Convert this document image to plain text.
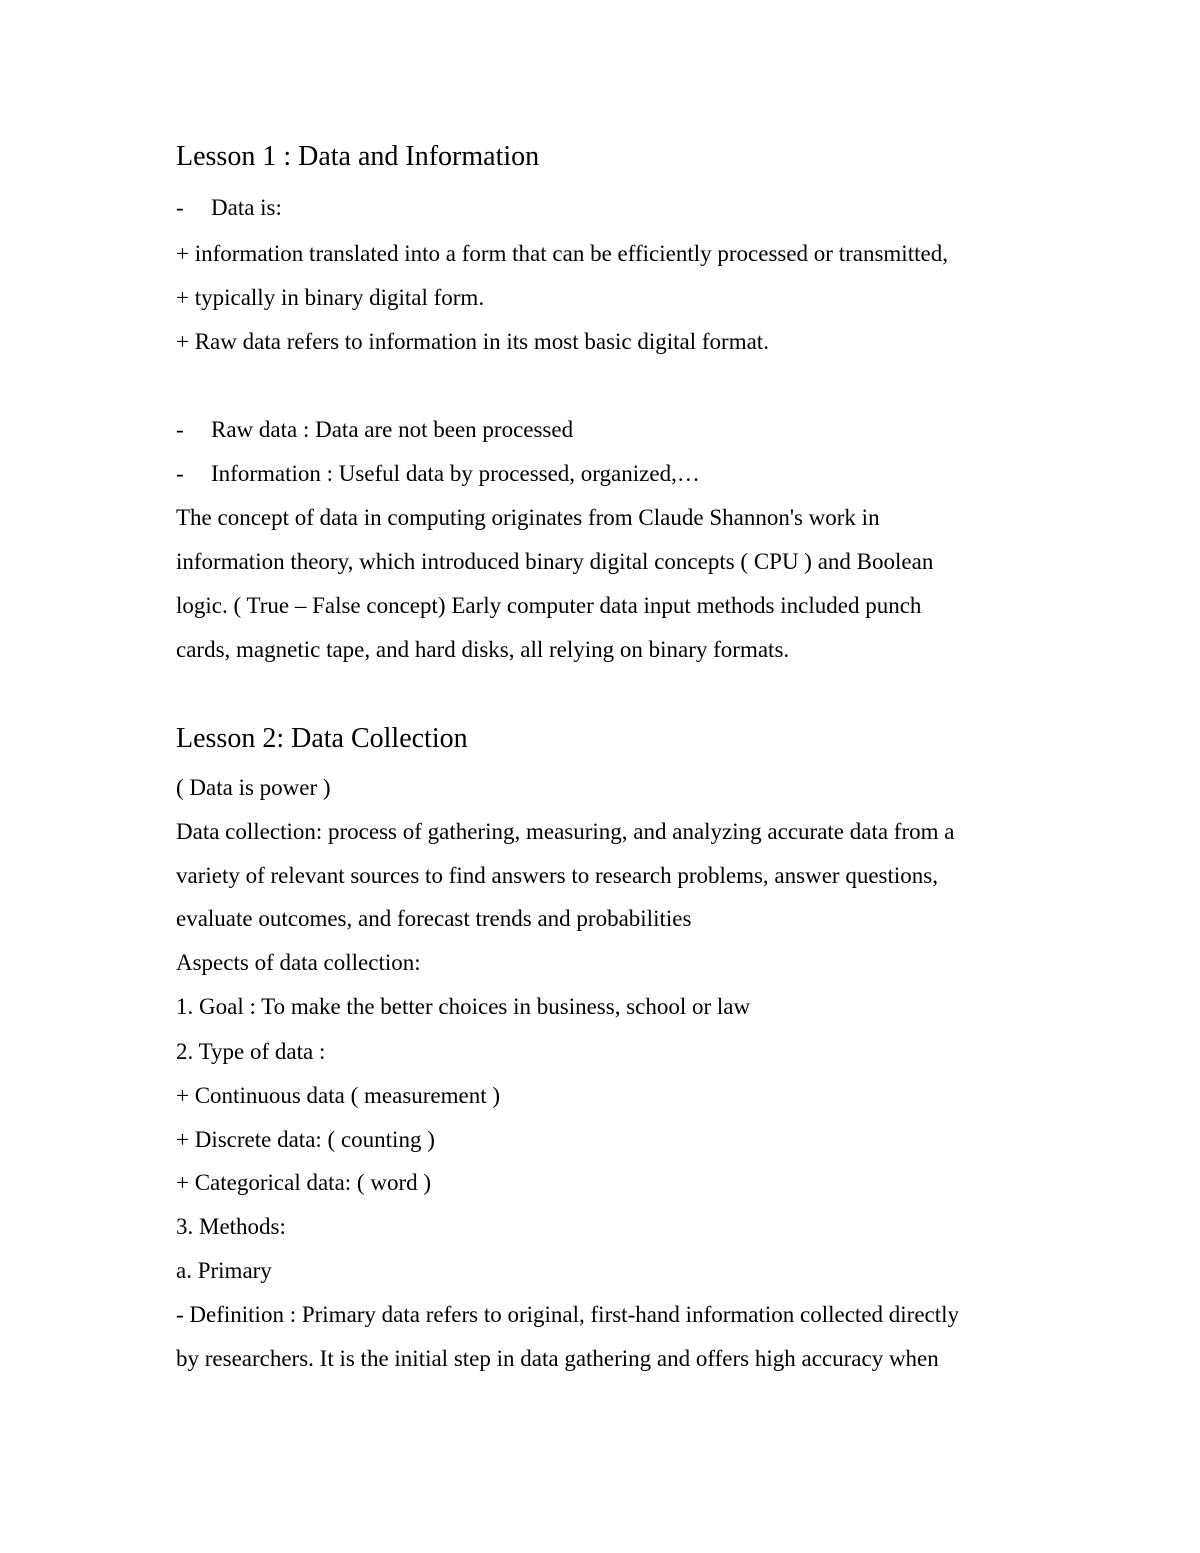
Lesson 1 : Data and Information
- Data is:
+ information translated into a form that can be efficiently processed or transmitted,
+ typically in binary digital form.
+ Raw data refers to information in its most basic digital format.
- Raw data : Data are not been processed
- Information : Useful data by processed, organized,…
The concept of data in computing originates from Claude Shannon's work in
information theory, which introduced binary digital concepts ( CPU ) and Boolean
logic. ( True – False concept) Early computer data input methods included punch
cards, magnetic tape, and hard disks, all relying on binary formats.
Lesson 2: Data Collection
( Data is power )
Data collection: process of gathering, measuring, and analyzing accurate data from a
variety of relevant sources to find answers to research problems, answer questions,
evaluate outcomes, and forecast trends and probabilities
Aspects of data collection:
1. Goal : To make the better choices in business, school or law
2. Type of data :
+ Continuous data ( measurement )
+ Discrete data: ( counting )
+ Categorical data: ( word )
3. Methods:
a. Primary
- Definition : Primary data refers to original, first-hand information collected directly
by researchers. It is the initial step in data gathering and offers high accuracy when
